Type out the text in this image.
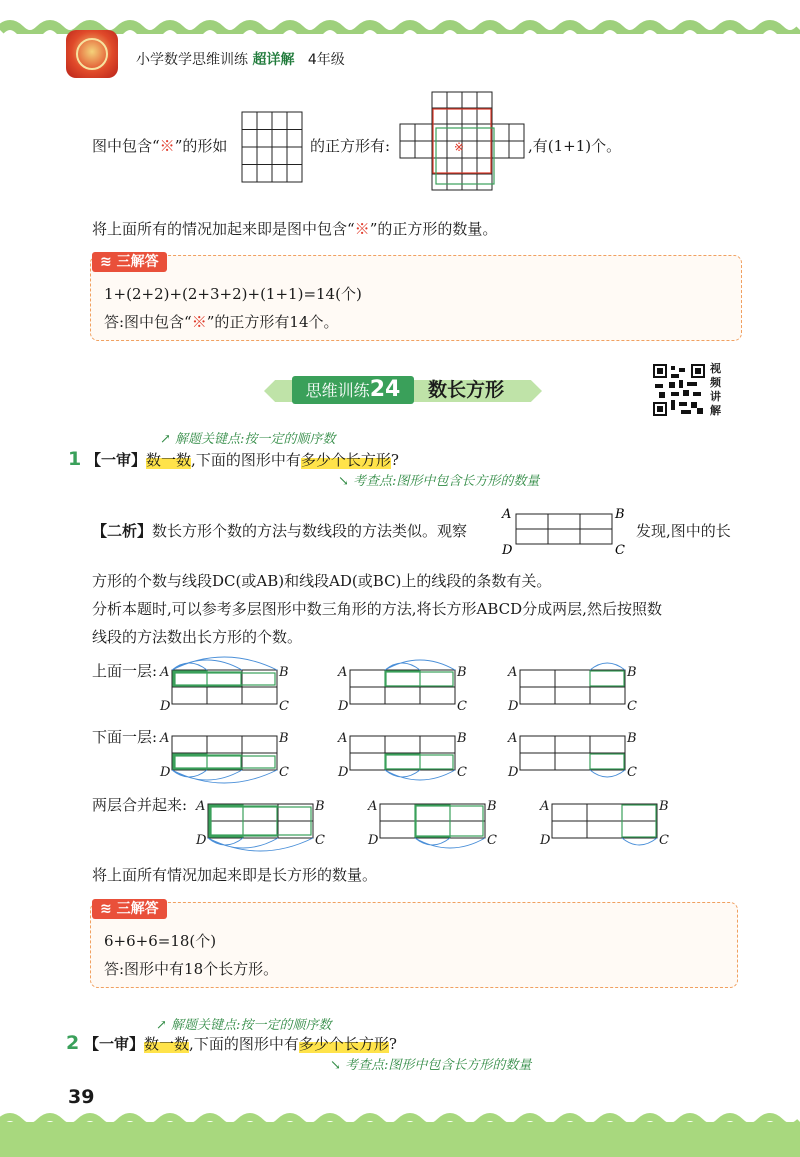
小学数学思维训练 超详解 4年级
图中包含“※”的形如	的正方形有:	※	,有(1+1)个。
将上面所有的情况加起来即是图中包含“※”的正方形的数量。
≋ 三解答
1+(2+2)+(2+3+2)+(1+1)=14(个)
答:图中包含“※”的正方形有14个。
思维训练24	数长方形
视
频
讲
解
↗ 解题关键点:按一定的顺序数
1 【一审】数一数,下面的图形中有多少个长方形?
↘ 考查点:图形中包含长方形的数量
【二析】数长方形个数的方法与数线段的方法类似。观察
A	B
C
D
发现,图中的长
方形的个数与线段DC(或AB)和线段AD(或BC)上的线段的条数有关。
分析本题时,可以参考多层图形中数三角形的方法,将长方形ABCD分成两层,然后按照数
线段的方法数出长方形的个数。
上面一层:
下面一层:
两层合并起来:
A	B
C
D
A	B
C
D
A	B
C
D
A	B
C
D
A	B
C
D
A	B
C
D
A	B
C
D
A	B
C
D
A	B
C
D
将上面所有情况加起来即是长方形的数量。
≋ 三解答
6+6+6=18(个)
答:图形中有18个长方形。
↗ 解题关键点:按一定的顺序数
2 【一审】数一数,下面的图形中有多少个长方形?
↘ 考查点:图形中包含长方形的数量
39
